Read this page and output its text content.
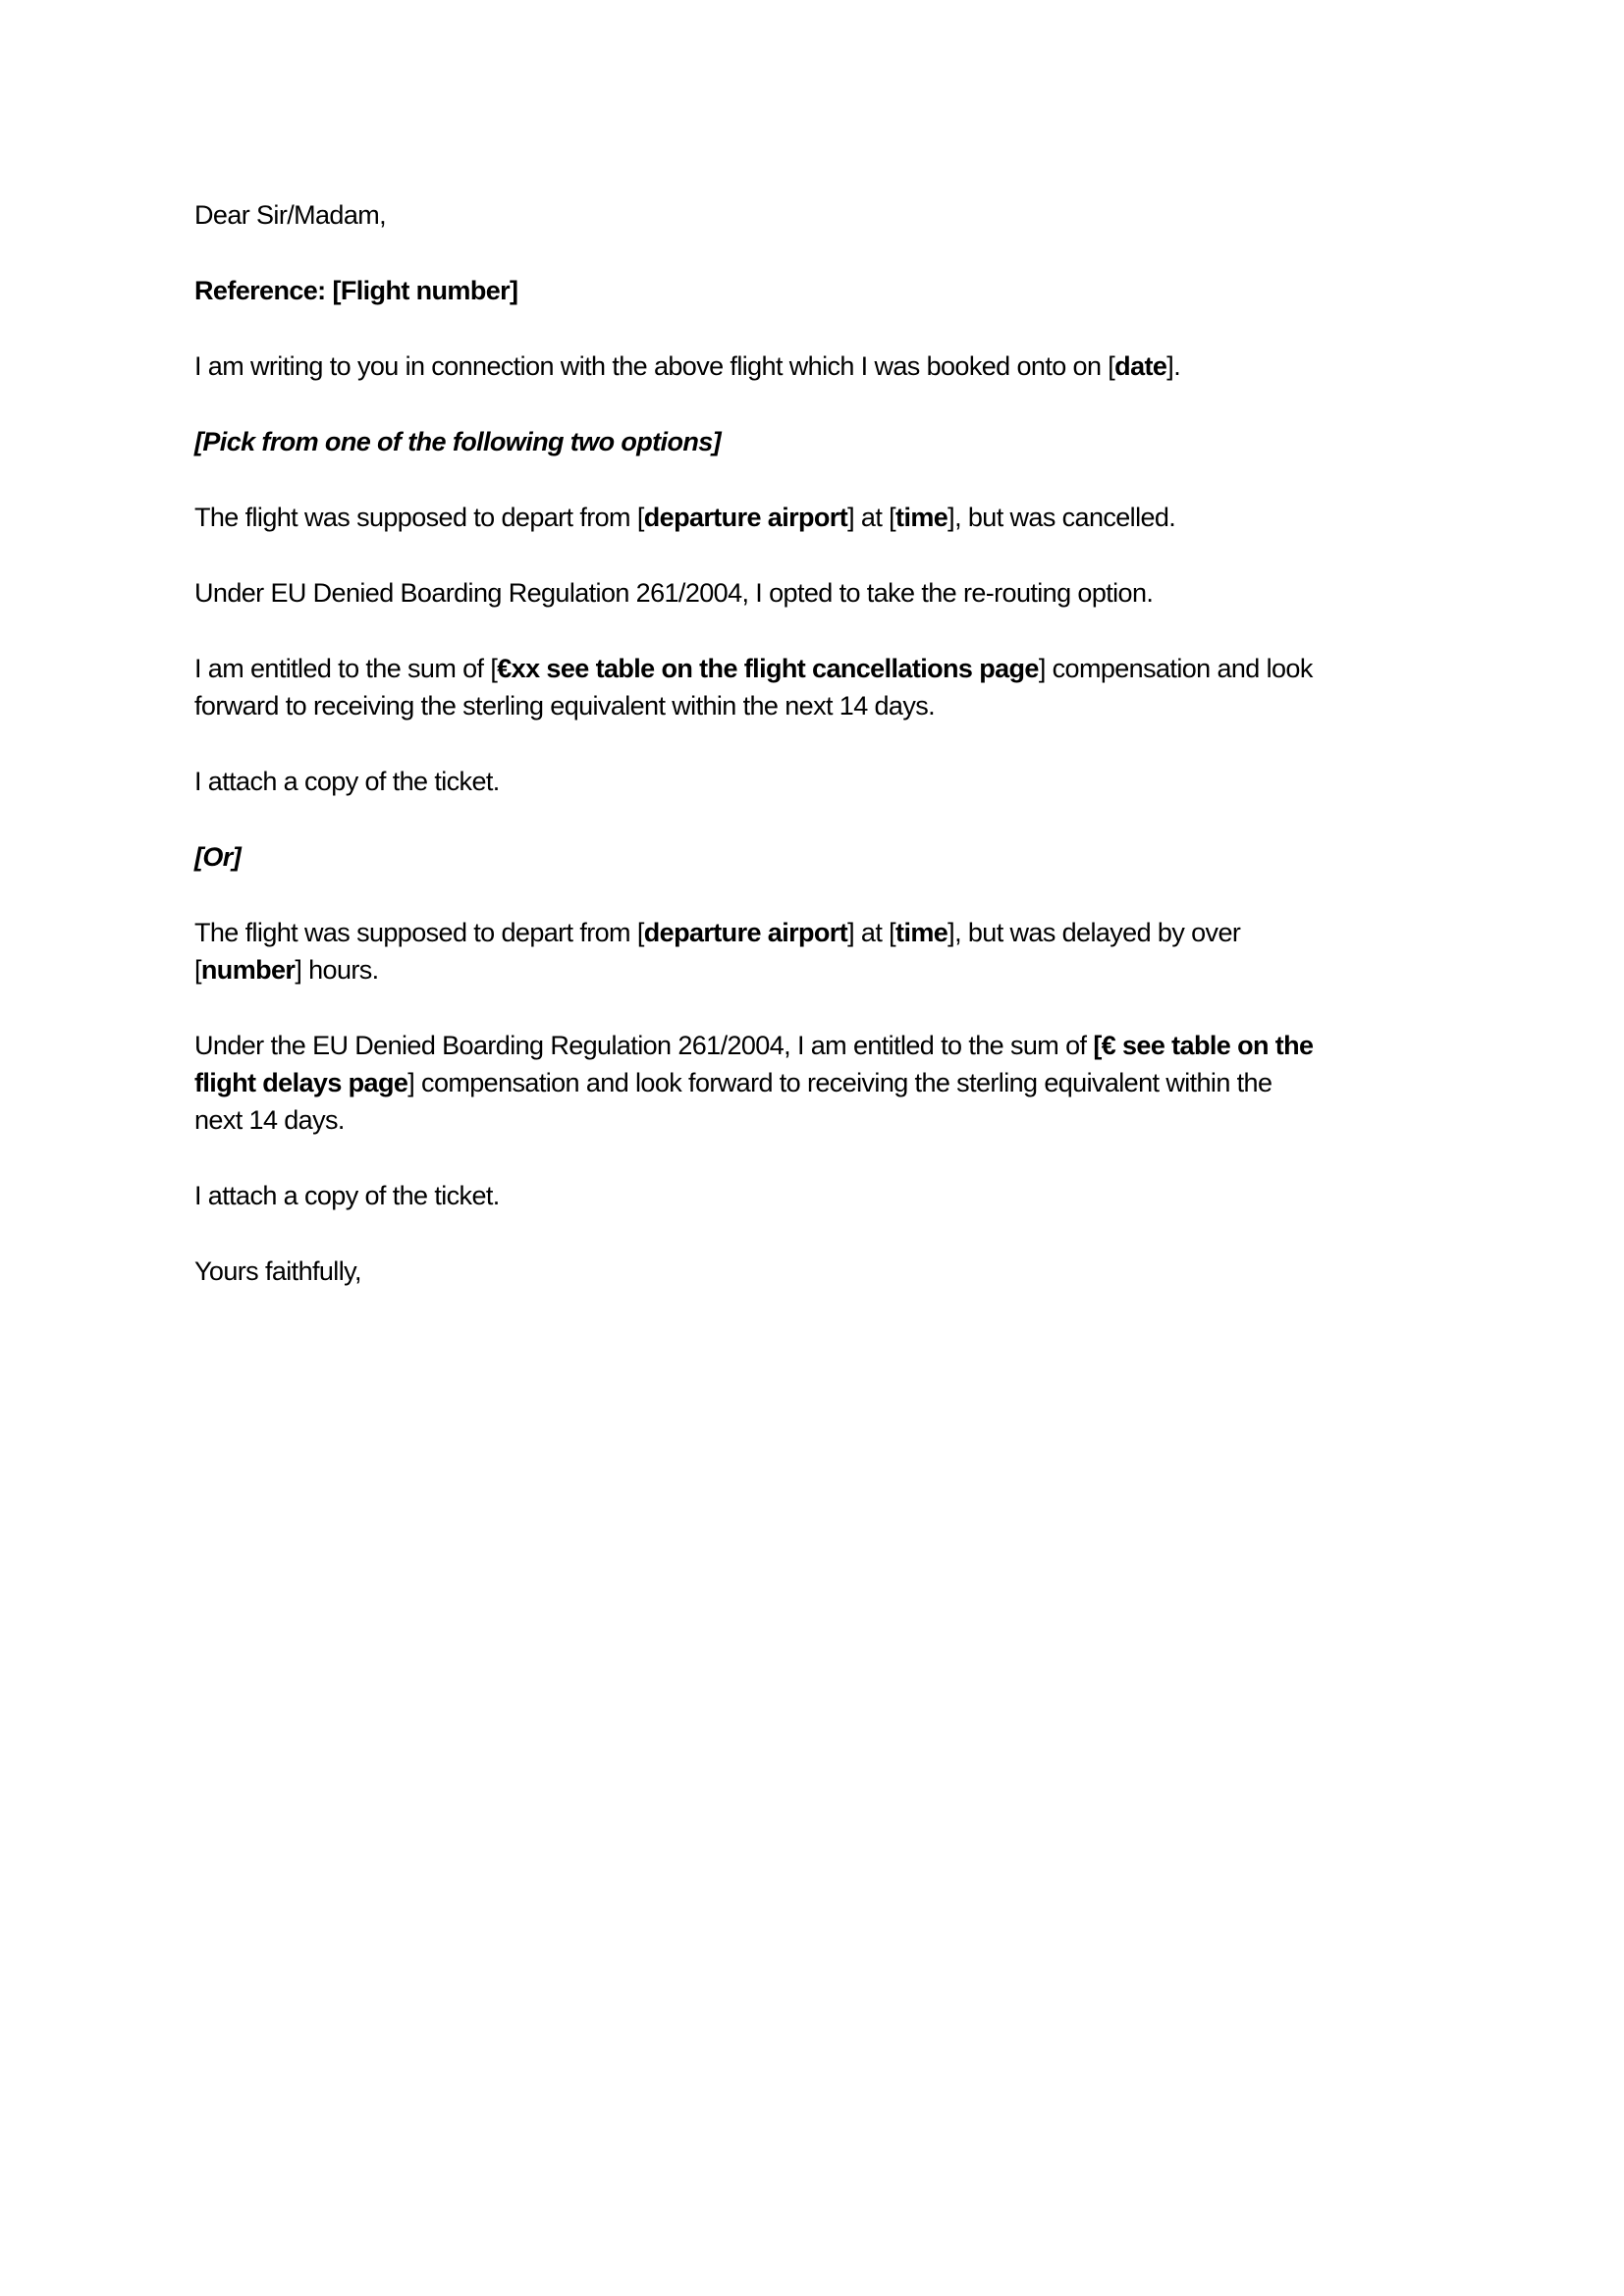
Dear Sir/Madam,

Reference: [Flight number]

I am writing to you in connection with the above flight which I was booked onto on [date].

[Pick from one of the following two options]

The flight was supposed to depart from [departure airport] at [time], but was cancelled.

Under EU Denied Boarding Regulation 261/2004, I opted to take the re-routing option.

I am entitled to the sum of [€xx see table on the flight cancellations page] compensation and look
forward to receiving the sterling equivalent within the next 14 days.

I attach a copy of the ticket.

[Or]

The flight was supposed to depart from [departure airport] at [time], but was delayed by over
[number] hours.

Under the EU Denied Boarding Regulation 261/2004, I am entitled to the sum of [€ see table on the
flight delays page] compensation and look forward to receiving the sterling equivalent within the
next 14 days.

I attach a copy of the ticket.

Yours faithfully,
